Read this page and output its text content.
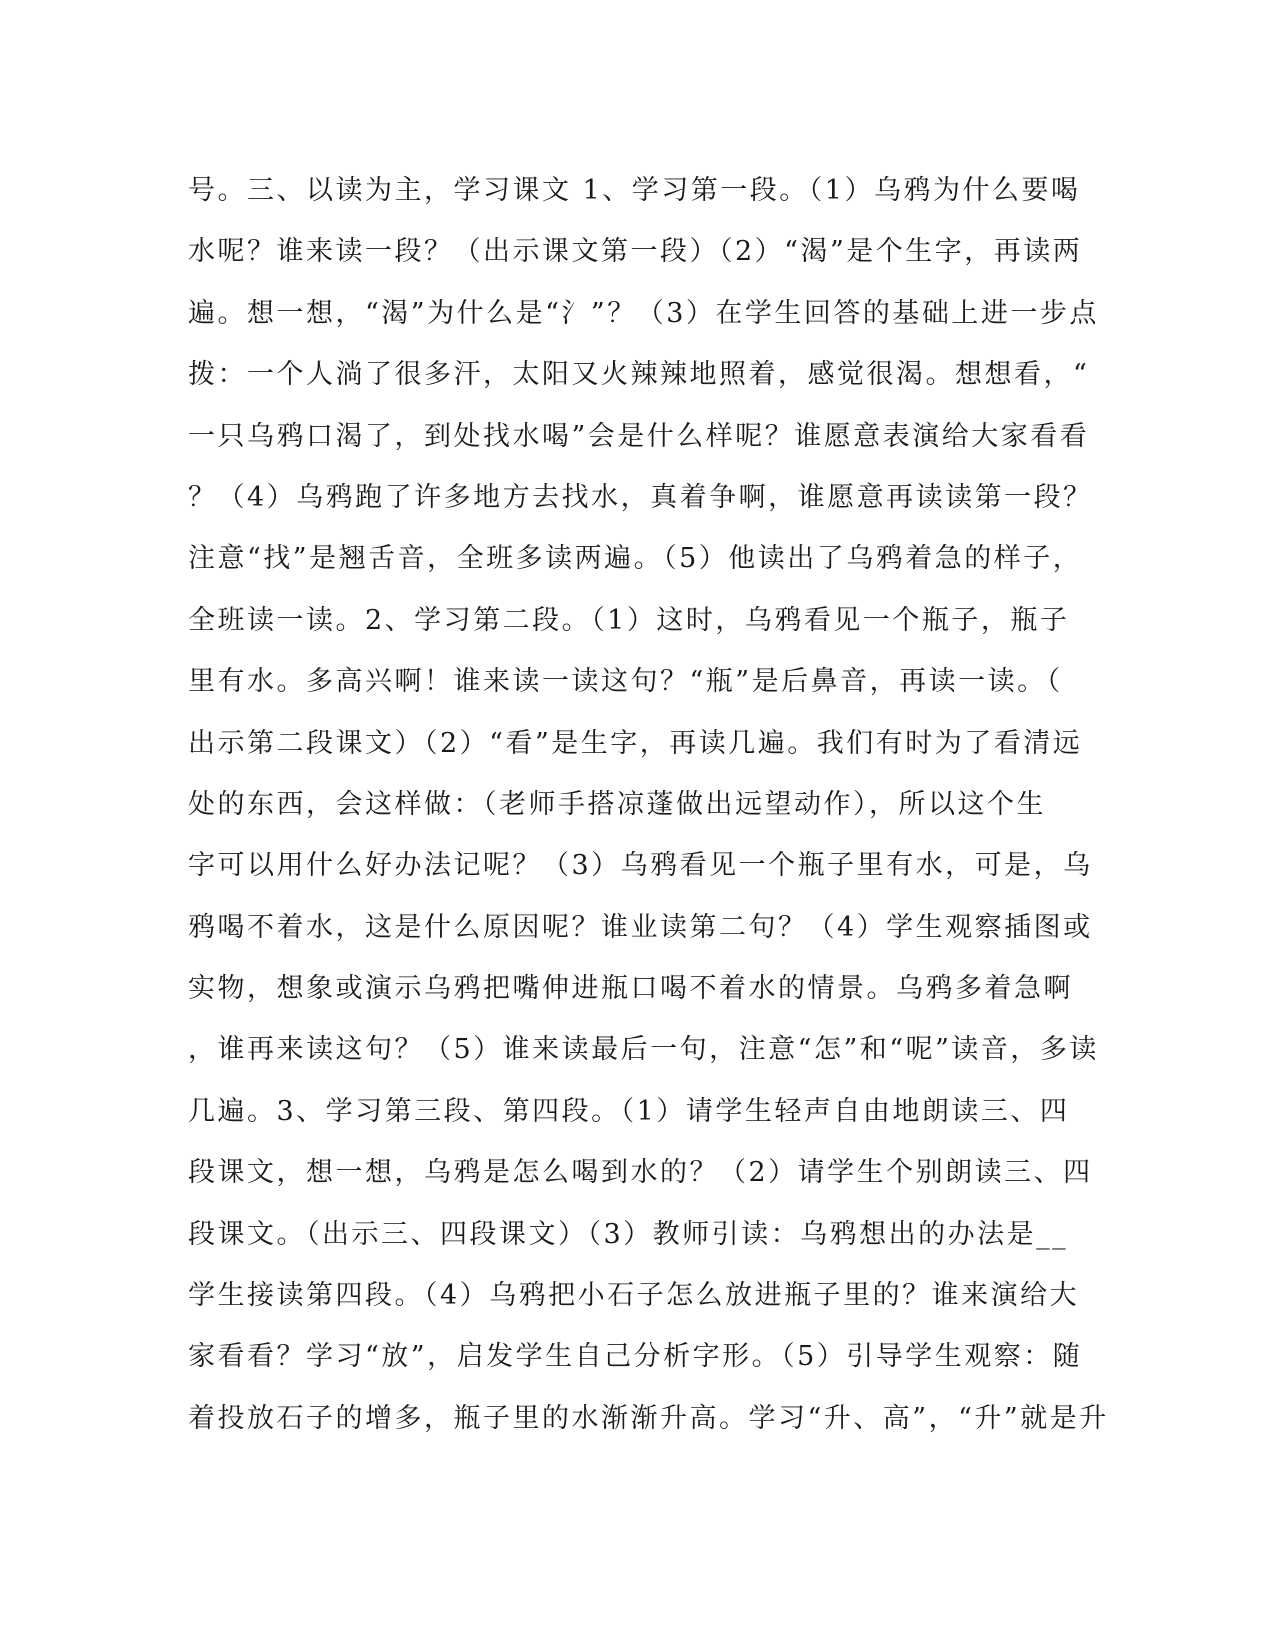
号。三、以读为主，学习课文 1、学习第一段。（1）乌鸦为什么要喝
水呢？谁来读一段？（出示课文第一段）（2）“渴”是个生字，再读两
遍。想一想，“渴”为什么是“氵”？（3）在学生回答的基础上进一步点
拨：一个人淌了很多汗，太阳又火辣辣地照着，感觉很渴。想想看，“
一只乌鸦口渴了，到处找水喝”会是什么样呢？谁愿意表演给大家看看
？（4）乌鸦跑了许多地方去找水，真着争啊，谁愿意再读读第一段？
注意“找”是翘舌音，全班多读两遍。（5）他读出了乌鸦着急的样子，
全班读一读。2、学习第二段。（1）这时，乌鸦看见一个瓶子，瓶子
里有水。多高兴啊！谁来读一读这句？“瓶”是后鼻音，再读一读。（
出示第二段课文）（2）“看”是生字，再读几遍。我们有时为了看清远
处的东西，会这样做：（老师手搭凉蓬做出远望动作），所以这个生
字可以用什么好办法记呢？（3）乌鸦看见一个瓶子里有水，可是，乌
鸦喝不着水，这是什么原因呢？谁业读第二句？（4）学生观察插图或
实物，想象或演示乌鸦把嘴伸进瓶口喝不着水的情景。乌鸦多着急啊
，谁再来读这句？（5）谁来读最后一句，注意“怎”和“呢”读音，多读
几遍。3、学习第三段、第四段。（1）请学生轻声自由地朗读三、四
段课文，想一想，乌鸦是怎么喝到水的？（2）请学生个别朗读三、四
段课文。（出示三、四段课文）（3）教师引读：乌鸦想出的办法是__
学生接读第四段。（4）乌鸦把小石子怎么放进瓶子里的？谁来演给大
家看看？学习“放”，启发学生自己分析字形。（5）引导学生观察：随
着投放石子的增多，瓶子里的水渐渐升高。学习“升、高”，“升”就是升
